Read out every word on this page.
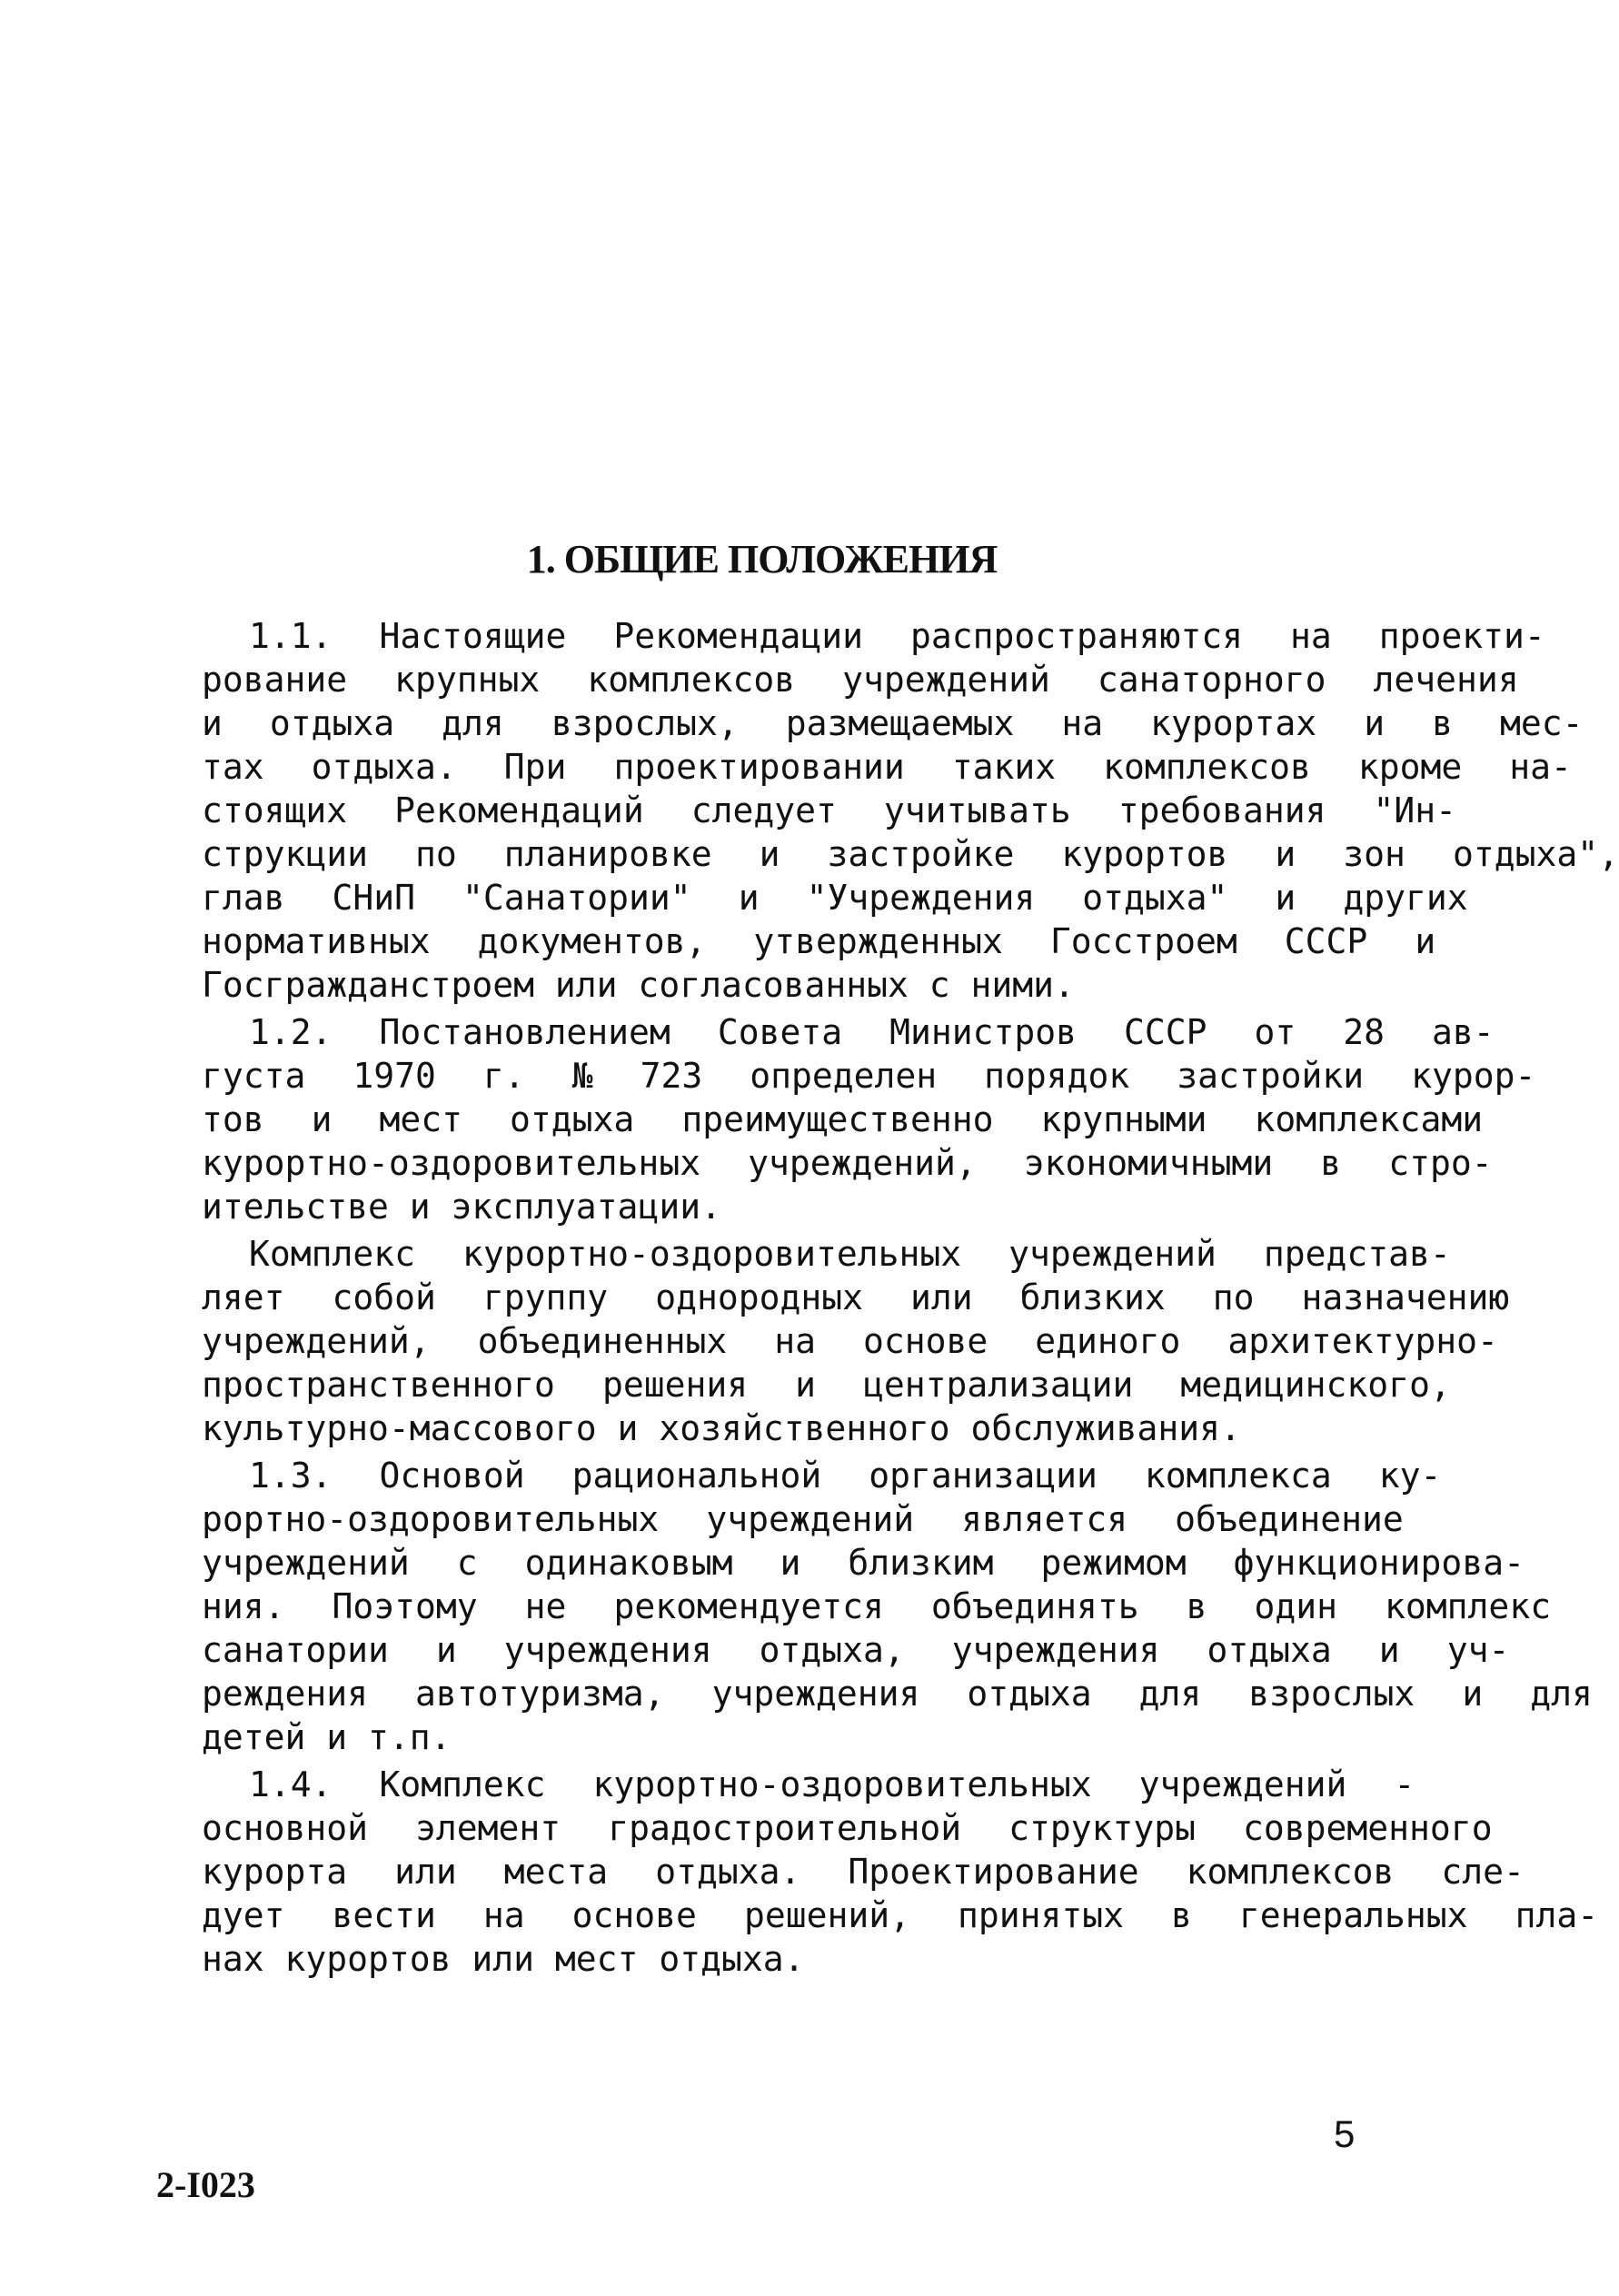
1. ОБЩИЕ ПОЛОЖЕНИЯ
1.1.	Настоящие	Рекомендации	распространяются	на	проекти-
рование	крупных	комплексов	учреждений	санаторного	лечения
и	отдыха	для	взрослых,	размещаемых	на	курортах	и	в	мес-
тах	отдыха.	При	проектировании	таких	комплексов	кроме	на-
стоящих	Рекомендаций	следует	учитывать	требования	"Ин-
струкции	по	планировке	и	застройке	курортов	и	зон	отдыха",
глав	СНиП	"Санатории"	и	"Учреждения	отдыха"	и	других
нормативных	документов,	утвержденных	Госстроем	СССР	и
Госгражданстроем или согласованных с ними.
1.2.	Постановлением	Совета	Министров	СССР	от	28	ав-
густа	1970	г.	№	723	определен	порядок	застройки	курор-
тов	и	мест	отдыха	преимущественно	крупными	комплексами
курортно-оздоровительных	учреждений,	экономичными	в	стро-
ительстве и эксплуатации.
Комплекс	курортно-оздоровительных	учреждений	представ-
ляет	собой	группу	однородных	или	близких	по	назначению
учреждений,	объединенных	на	основе	единого	архитектурно-
пространственного	решения	и	централизации	медицинского,
культурно-массового и хозяйственного обслуживания.
1.3.	Основой	рациональной	организации	комплекса	ку-
рортно-оздоровительных	учреждений	является	объединение
учреждений	с	одинаковым	и	близким	режимом	функционирова-
ния.	Поэтому	не	рекомендуется	объединять	в	один	комплекс
санатории	и	учреждения	отдыха,	учреждения	отдыха	и	уч-
реждения	автотуризма,	учреждения	отдыха	для	взрослых	и	для
детей и т.п.
1.4.	Комплекс	курортно-оздоровительных	учреждений	-
основной	элемент	градостроительной	структуры	современного
курорта	или	места	отдыха.	Проектирование	комплексов	сле-
дует	вести	на	основе	решений,	принятых	в	генеральных	пла-
нах курортов или мест отдыха.

5

2-I023
